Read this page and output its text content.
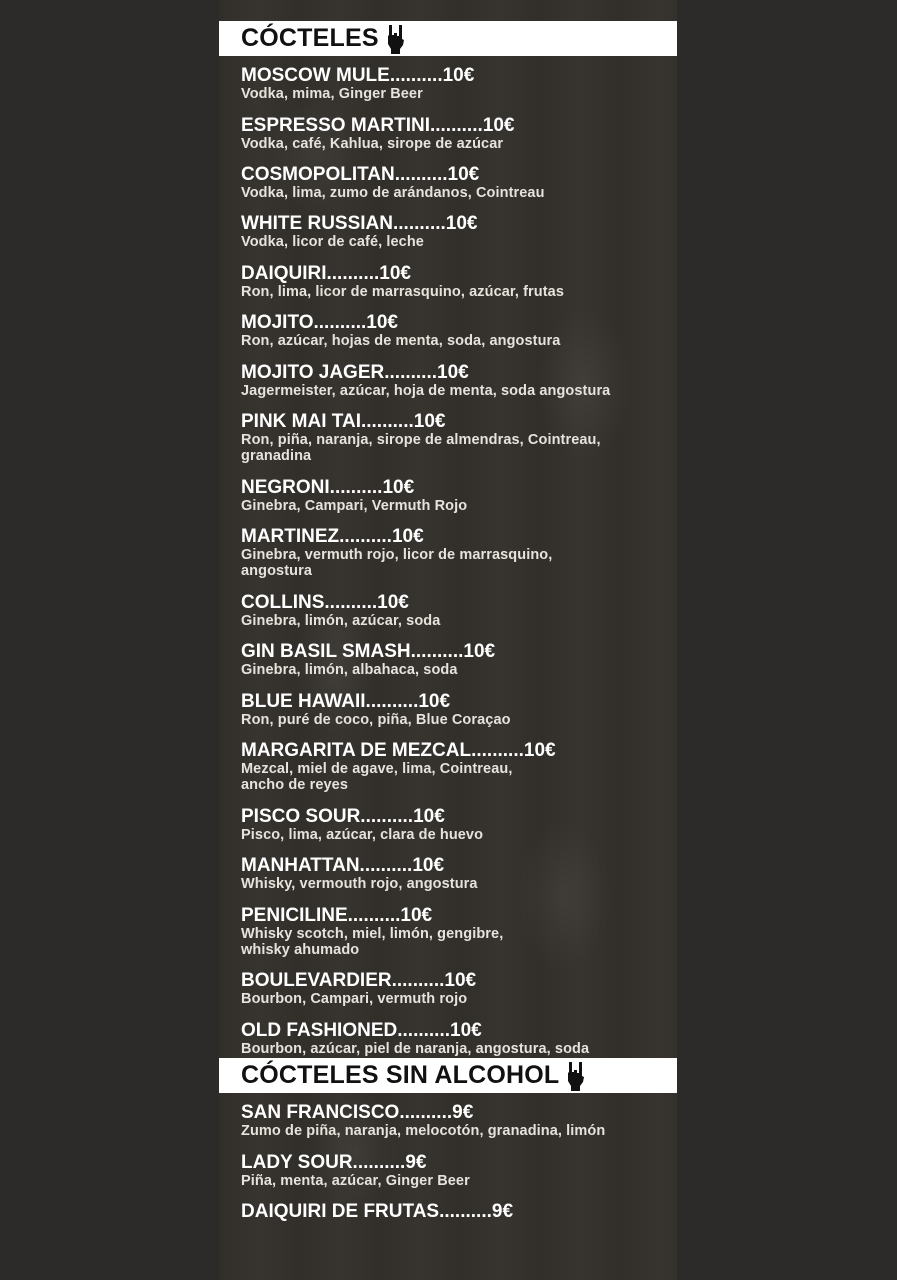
CÓCTELES
MOSCOW MULE..........10€
Vodka, mima, Ginger Beer
ESPRESSO MARTINI..........10€
Vodka, café, Kahlua, sirope de azúcar
COSMOPOLITAN..........10€
Vodka, lima, zumo de arándanos, Cointreau
WHITE RUSSIAN..........10€
Vodka, licor de café, leche
DAIQUIRI..........10€
Ron, lima, licor de marrasquino, azúcar, frutas
MOJITO..........10€
Ron, azúcar, hojas de menta, soda, angostura
MOJITO JAGER..........10€
Jagermeister, azúcar, hoja de menta, soda angostura
PINK MAI TAI..........10€
Ron, piña, naranja, sirope de almendras, Cointreau,
granadina
NEGRONI..........10€
Ginebra, Campari, Vermuth Rojo
MARTINEZ..........10€
Ginebra, vermuth rojo, licor de marrasquino,
angostura
COLLINS..........10€
Ginebra, limón, azúcar, soda
GIN BASIL SMASH..........10€
Ginebra, limón, albahaca, soda
BLUE HAWAII..........10€
Ron, puré de coco, piña, Blue Coraçao
MARGARITA DE MEZCAL..........10€
Mezcal, miel de agave, lima, Cointreau,
ancho de reyes
PISCO SOUR..........10€
Pisco, lima, azúcar, clara de huevo
MANHATTAN..........10€
Whisky, vermouth rojo, angostura
PENICILINE..........10€
Whisky scotch, miel, limón, gengibre,
whisky ahumado
BOULEVARDIER..........10€
Bourbon, Campari, vermuth rojo
OLD FASHIONED..........10€
Bourbon, azúcar, piel de naranja, angostura, soda
CÓCTELES SIN ALCOHOL
SAN FRANCISCO..........9€
Zumo de piña, naranja, melocotón, granadina, limón
LADY SOUR..........9€
Piña, menta, azúcar, Ginger Beer
DAIQUIRI DE FRUTAS..........9€
